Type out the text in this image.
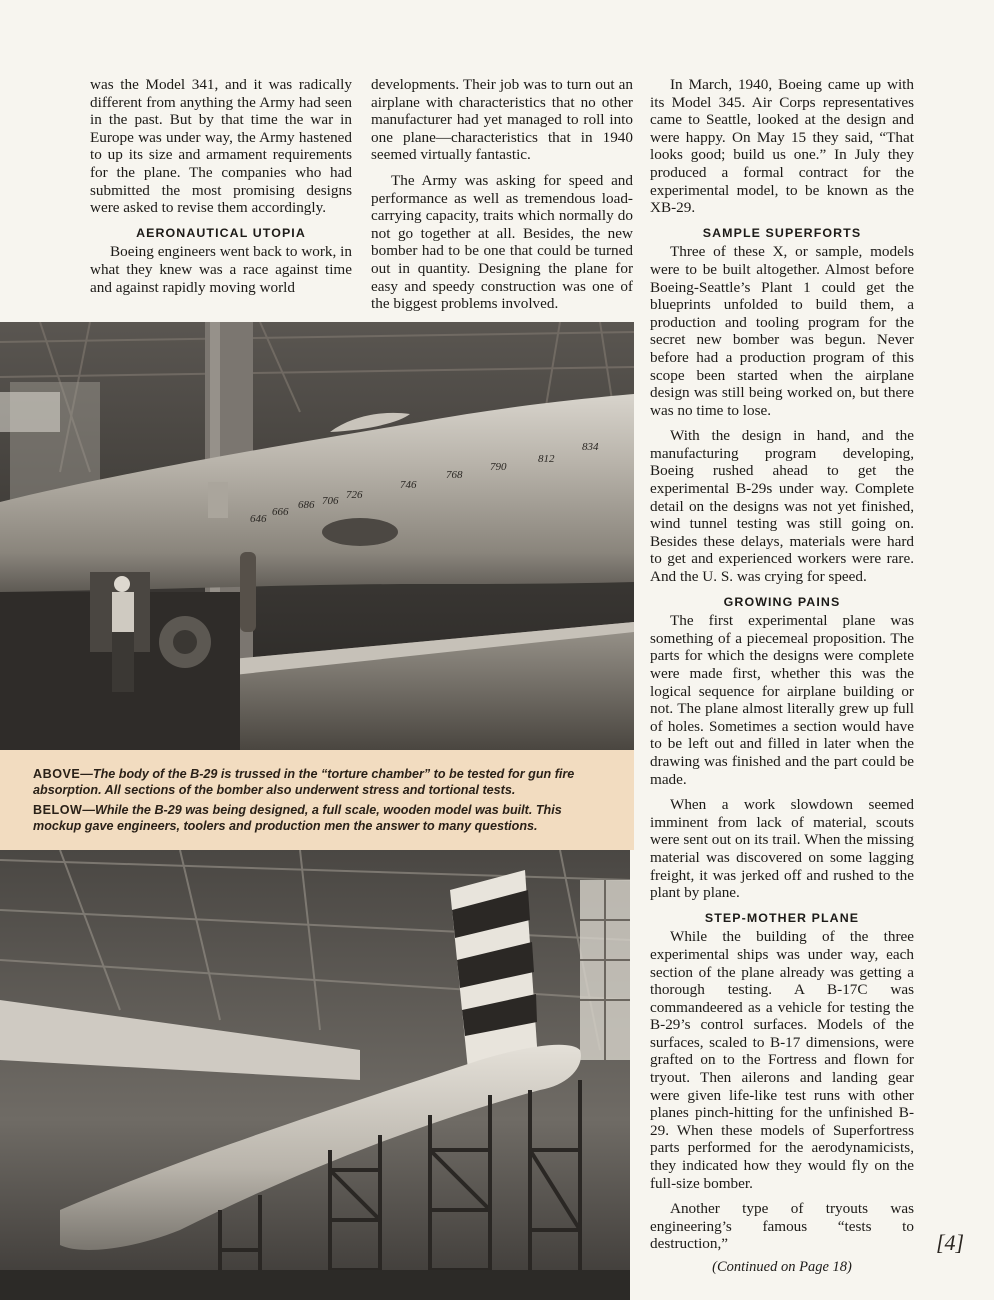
was the Model 341, and it was radically different from anything the Army had seen in the past. But by that time the war in Europe was under way, the Army hastened to up its size and armament requirements for the plane. The companies who had submitted the most promising designs were asked to revise them accordingly.

AERONAUTICAL UTOPIA

Boeing engineers went back to work, in what they knew was a race against time and against rapidly moving world

developments. Their job was to turn out an airplane with characteristics that no other manufacturer had yet managed to roll into one plane—characteristics that in 1940 seemed virtually fantastic.

The Army was asking for speed and performance as well as tremendous load-carrying capacity, traits which normally do not go together at all. Besides, the new bomber had to be one that could be turned out in quantity. Designing the plane for easy and speedy construction was one of the biggest problems involved.

In March, 1940, Boeing came up with its Model 345. Air Corps representatives came to Seattle, looked at the design and were happy. On May 15 they said, “That looks good; build us one.” In July they produced a formal contract for the experimental model, to be known as the XB-29.

SAMPLE SUPERFORTS

Three of these X, or sample, models were to be built altogether. Almost before Boeing-Seattle’s Plant 1 could get the blueprints unfolded to build them, a production and tooling program for the secret new bomber was begun. Never before had a production program of this scope been started when the airplane design was still being worked on, but there was no time to lose.

With the design in hand, and the manufacturing program developing, Boeing rushed ahead to get the experimental B-29s under way. Complete detail on the designs was not yet finished, wind tunnel testing was still going on. Besides these delays, materials were hard to get and experienced workers were rare. And the U. S. was crying for speed.

GROWING PAINS

The first experimental plane was something of a piecemeal proposition. The parts for which the designs were complete were made first, whether this was the logical sequence for airplane building or not. The plane almost literally grew up full of holes. Sometimes a section would have to be left out and filled in later when the drawing was finished and the part could be made.

When a work slowdown seemed imminent from lack of material, scouts were sent out on its trail. When the missing material was discovered on some lagging freight, it was jerked off and rushed to the plant by plane.

STEP-MOTHER PLANE

While the building of the three experimental ships was under way, each section of the plane already was getting a thorough testing. A B-17C was commandeered as a vehicle for testing the B-29’s control surfaces. Models of the surfaces, scaled to B-17 dimensions, were grafted on to the Fortress and flown for tryout. Then ailerons and landing gear were given life-like test runs with other planes pinch-hitting for the unfinished B-29. When these models of Superfortress parts performed for the aerodynamicists, they indicated how they would fly on the full-size bomber.

Another type of tryouts was engineering’s famous “tests to destruction,”

(Continued on Page 18)

646
666
686 706 726
746
768
790
812
834
ABOVE—The body of the B-29 is trussed in the “torture chamber” to be tested for gun fire absorption. All sections of the bomber also underwent stress and tortional tests.
BELOW—While the B-29 was being designed, a full scale, wooden model was built. This mockup gave engineers, toolers and production men the answer to many questions.
[4]
